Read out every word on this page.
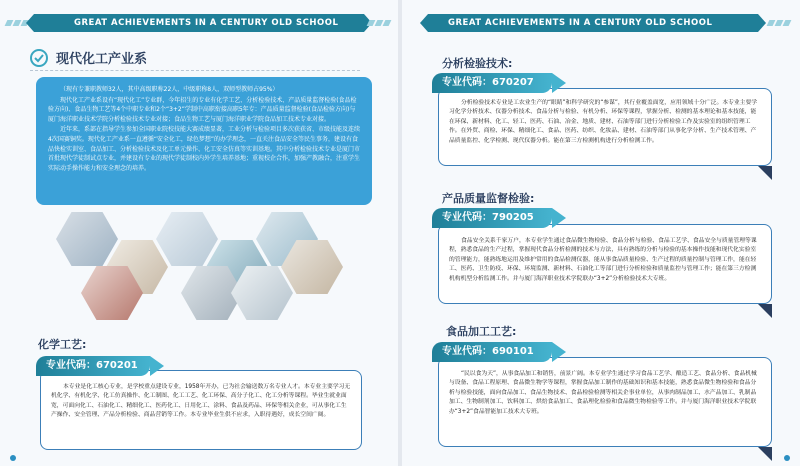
GREAT ACHIEVEMENTS IN A CENTURY OLD SCHOOL
现代化工产业系

（现有专兼职教师32人，其中高级职称22人，中级职称8人，双师型教师占95%）

现代化工产业系设有“现代化工”专业群，今年招生的专业有化学工艺、分析检验技术、产品质量监督检验(食品检验方向)、食品生物工艺等4个中职专业和2个“3+2”学制中高职衔接高职5年专：产品质量监督检验(食品检验方向)与厦门海洋职业技术学院分析检验技术专业对接；食品生物工艺与厦门海洋职业学院食品加工技术专业对接。

近年来，系部在指导学生参加全国职业院校技能大赛成绩显著，工业分析与检验项目多次获获省、市级技能及连续4次国赛铜奖。现代化工产业系一直遵循“安全化工，绿色梦想”的办学理念，一直关注食品安全等民生事务，建设有食品快检实训室、食品加工、分析检验技术及化工单元操作、化工安全仿真等实训基地。其中分析检验技术专业是厦门市首批现代学徒制试点专业，并建设有专业的现代学徒制校内外学生培养基地；重视校企合作，加强产教融合，注重学生实际动手操作能力和安全理念的培养。

化学工艺:
专业代码：670201

本专业是化工核心专业，是学校重点建设专业，1958年开办，已为社会输送数万名专业人才。本专业主要学习无机化学、有机化学、化工仿真操作、化工制图、化工工艺、化工环保、高分子化工、化工分析等课程。毕业生就业面宽，可面向化工、石油化工、精细化工、医药化工、日用化工、涂料、食品及药品、环保等相关企业，可从事化工生产操作、安全管理、产品分析检验、商品营销等工作。本专业毕业生供不应求，入职待遇好，成长空间广阔。

GREAT ACHIEVEMENTS IN A CENTURY OLD SCHOOL
分析检验技术:
专业代码：670207

分析检验技术专业是工农业生产的“眼睛”和科学研究的“参谋”，其行业覆盖面宽，应用领域十分广泛。本专业主要学习化学分析技术、仪器分析技术、食品分析与检验、有机分析、环保等课程，掌握分析、检测的基本理论和基本技能，能在环保、新材料、化工、轻工、医药、石油、冶金、地质、建材、石油等部门进行分析检验工作及实验室的组织管理工作。在外贸、商检、环保、精细化工、食品、医药、纺织、化妆品、建材、石油等部门从事化学分析、生产技术管理、产品质量监控、化学检测、现代仪器分析。能在第三方检测机构进行分析检测工作。

产品质量监督检验:
专业代码：790205

食品安全关系千家万户，本专业学生通过食品微生物检验、食品分析与检验、食品工艺学、食品安全与质量管理等课程，熟悉食品的生产过程，掌握现代食品分析检测的技术与方法，具有熟练的分析与检验的基本操作技能和现代化实验室的管理能力，能熟练地运用及维护常用的食品检测仪器，能从事食品质量检验、生产过程的质量控制与管理工作，能在轻工、医药、卫生防疫、环保、环境监测、新材料、石油化工等部门进行分析检验和质量监控与管理工作；能在第三方检测机构机型分析监测工作。并与厦门海洋职业技术学院联办“3+2”分析检验技术大专班。

食品加工工艺:
专业代码：690101

“民以食为天”，从事食品加工和销售，前景广阔。本专业学生通过学习食品工艺学、酿造工艺、食品分析、食品机械与设备、食品工程原理、食品微生物学等课程，掌握食品加工制作的基础知识和基本技能，熟悉食品微生物检验和食品分析与检验技能，面向食品加工、食品生物技术、食品检验检测等相关企事业单位，从事肉制品加工、水产品加工、乳制品加工、生物制剂加工、饮料加工、烘焙食品加工、食品理化检验和食品微生物检验等工作。并与厦门海洋职业技术学院联办“3+2”食品智能加工技术大专班。
